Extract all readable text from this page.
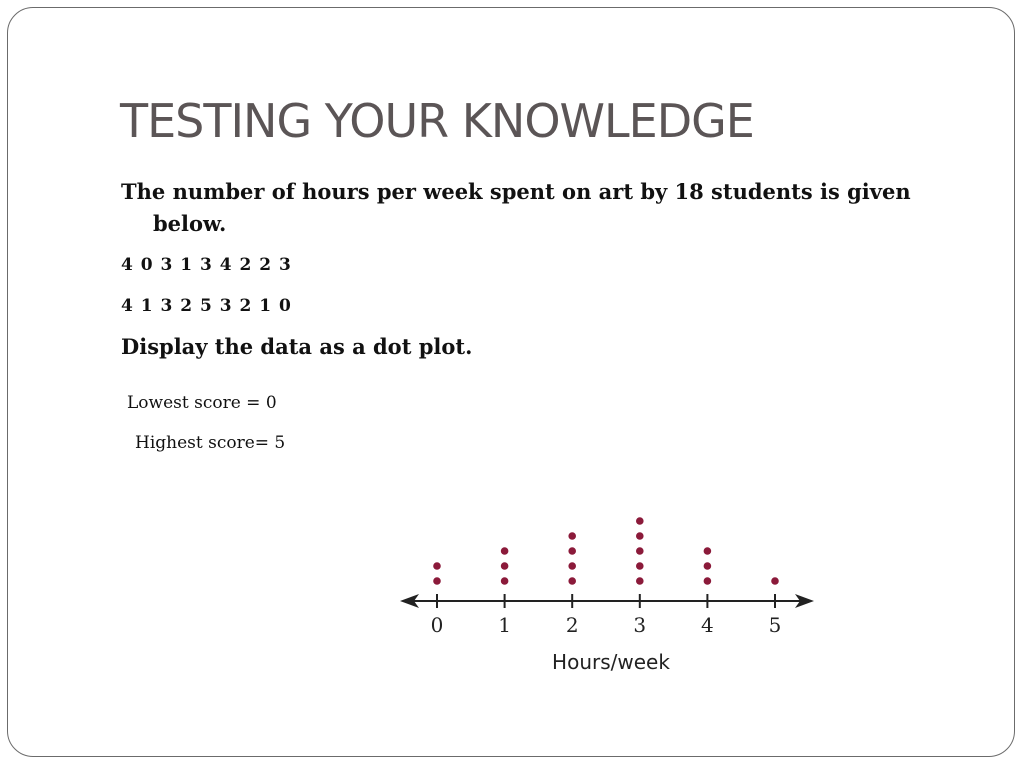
TESTING YOUR KNOWLEDGE

The number of hours per week spent on art by 18 students is given below.

4 0 3 1 3 4 2 2 3

4 1 3 2 5 3 2 1 0

Display the data as a dot plot.

Lowest score = 0
Highest score= 5
0	1	2	3	4	5
Hours/week
